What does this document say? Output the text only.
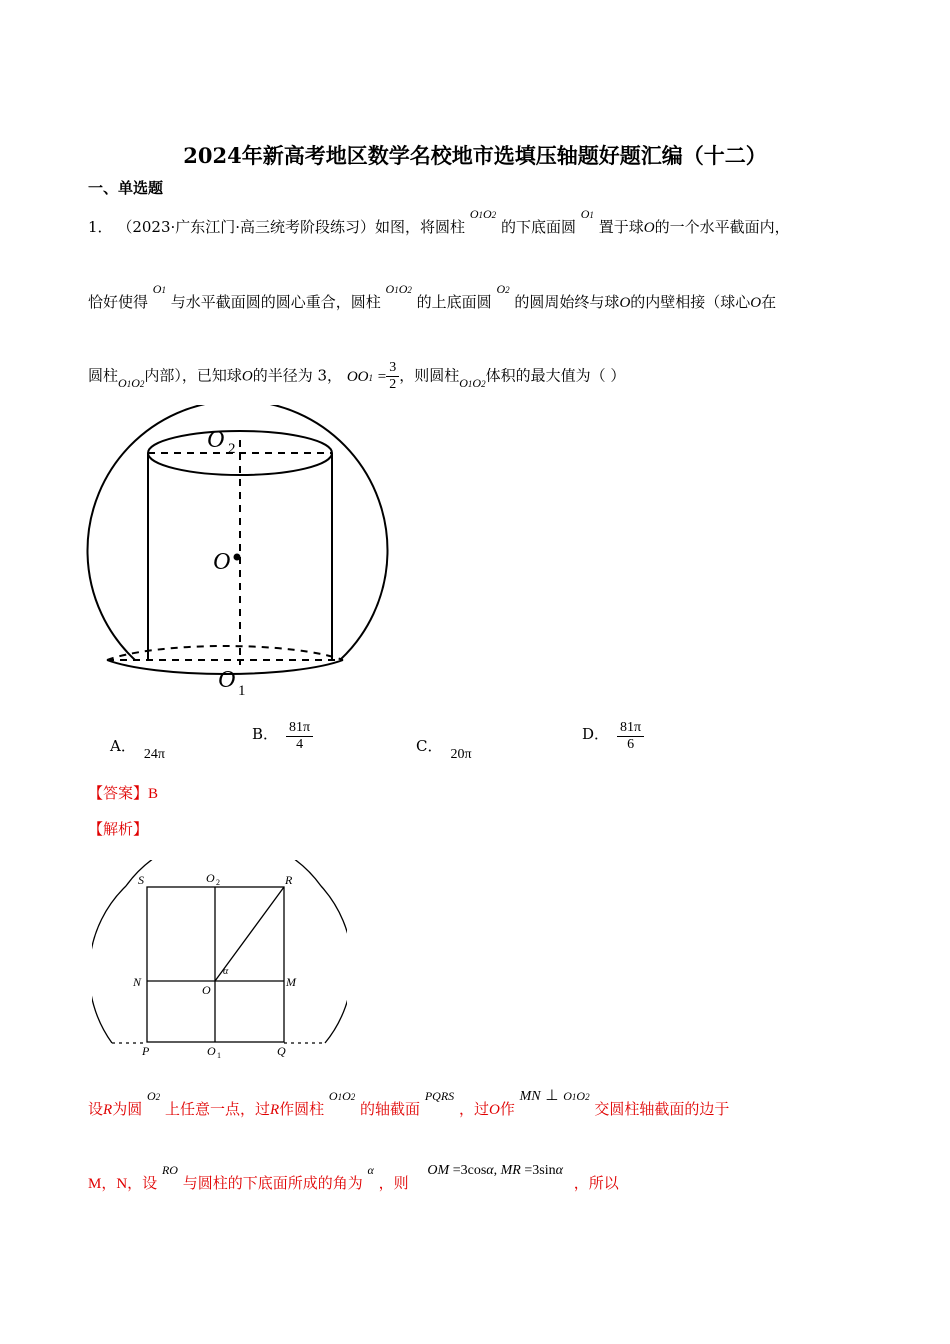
2024年新高考地区数学名校地市选填压轴题好题汇编（十二）
一、单选题
1． （2023·广东江门·高三统考阶段练习）如图，将圆柱 O1O2 的下底面圆 O1 置于球O的一个水平截面内，
恰好使得 O1 与水平截面圆的圆心重合，圆柱 O1O2 的上底面圆 O2 的圆周始终与球O的内壁相接（球心O在
圆柱O1O2内部），已知球O的半径为 3， $OO1 = \frac{3}{2}$ ，则圆柱O1O2体积的最大值为（ ）
O 2
O
O 1
A． 24π
B． $\frac{81\pi}{4}$	C． 20π
D． $\frac{81\pi}{6}$
【答案】B
【解析】
S	O	R
N
O
α
M
P	O	Q
2
1
设R为圆 O2 上任意一点，过R作圆柱 O1O2 的轴截面 $^{PQRS}$ ，过O作 MN ⊥ O1O2 交圆柱轴截面的边于
M，N，设 $^{RO}$ 与圆柱的下底面所成的角为 $^\alpha$ ，则 OM =3cosα, MR =3sinα ，所以
